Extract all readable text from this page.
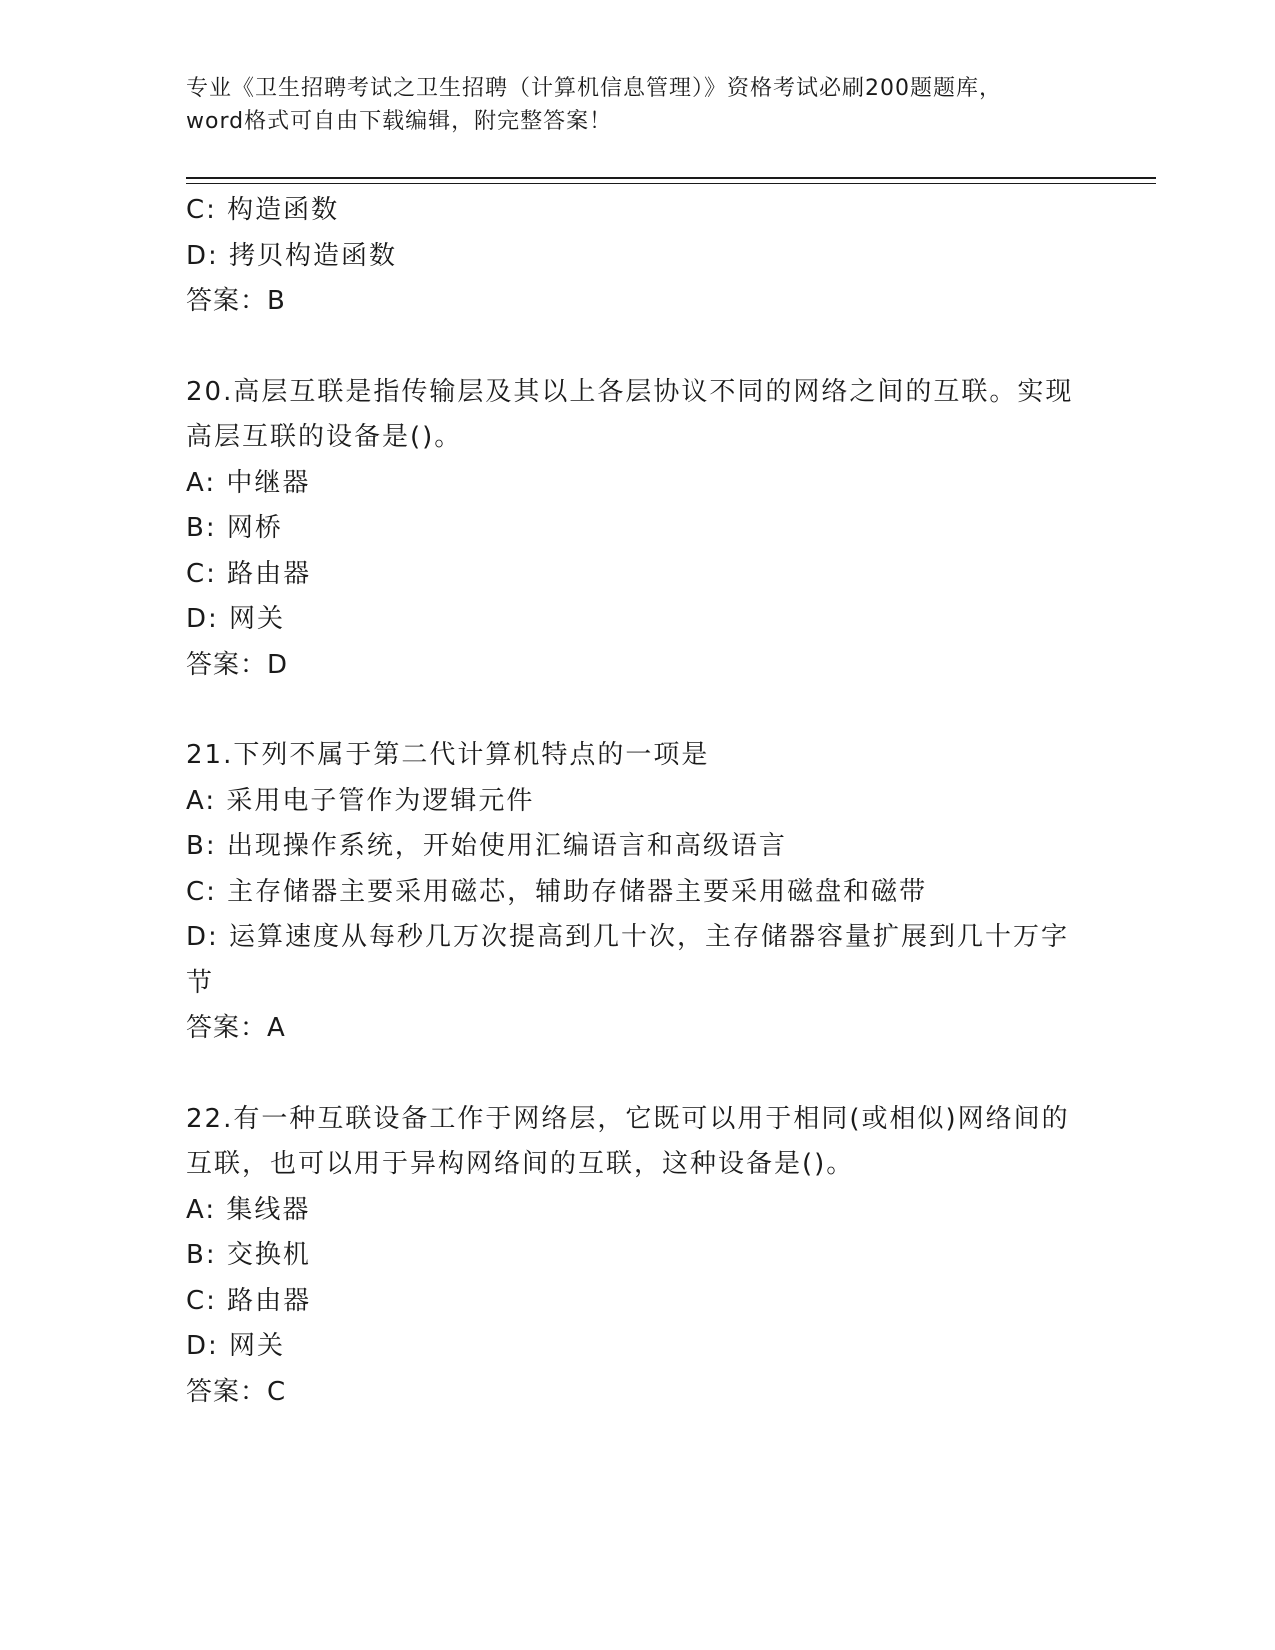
专业《卫生招聘考试之卫生招聘（计算机信息管理）》资格考试必刷200题题库，
word格式可自由下载编辑，附完整答案！
C: 构造函数
D: 拷贝构造函数
答案：B
20.高层互联是指传输层及其以上各层协议不同的网络之间的互联。实现高层互联的设备是()。
A: 中继器
B: 网桥
C: 路由器
D: 网关
答案：D
21.下列不属于第二代计算机特点的一项是
A: 采用电子管作为逻辑元件
B: 出现操作系统，开始使用汇编语言和高级语言
C: 主存储器主要采用磁芯，辅助存储器主要采用磁盘和磁带
D: 运算速度从每秒几万次提高到几十次，主存储器容量扩展到几十万字节
答案：A
22.有一种互联设备工作于网络层，它既可以用于相同(或相似)网络间的互联，也可以用于异构网络间的互联，这种设备是()。
A: 集线器
B: 交换机
C: 路由器
D: 网关
答案：C
